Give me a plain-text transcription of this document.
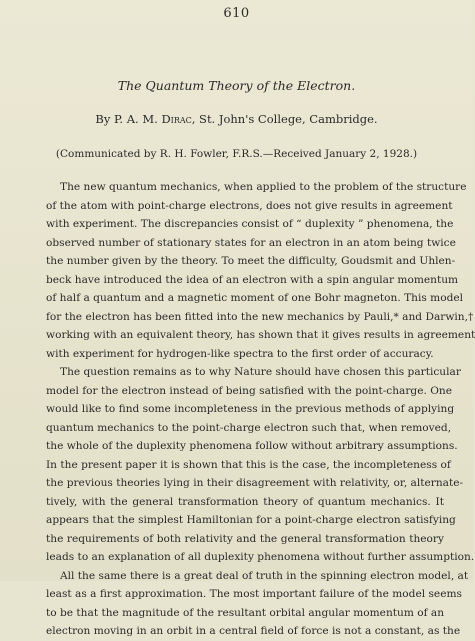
610
The Quantum Theory of the Electron.
By P. A. M. Dirac, St. John's College, Cambridge.
(Communicated by R. H. Fowler, F.R.S.—Received January 2, 1928.)
The new quantum mechanics, when applied to the problem of the structure
of the atom with point-charge electrons, does not give results in agreement
with experiment. The discrepancies consist of “ duplexity ” phenomena, the
observed number of stationary states for an electron in an atom being twice
the number given by the theory. To meet the difficulty, Goudsmit and Uhlen-
beck have introduced the idea of an electron with a spin angular momentum
of half a quantum and a magnetic moment of one Bohr magneton. This model
for the electron has been fitted into the new mechanics by Pauli,* and Darwin,†
working with an equivalent theory, has shown that it gives results in agreement
with experiment for hydrogen-like spectra to the first order of accuracy.
The question remains as to why Nature should have chosen this particular
model for the electron instead of being satisfied with the point-charge. One
would like to find some incompleteness in the previous methods of applying
quantum mechanics to the point-charge electron such that, when removed,
the whole of the duplexity phenomena follow without arbitrary assumptions.
In the present paper it is shown that this is the case, the incompleteness of
the previous theories lying in their disagreement with relativity, or, alternate-
tively, with the general transformation theory of quantum mechanics. It
appears that the simplest Hamiltonian for a point-charge electron satisfying
the requirements of both relativity and the general transformation theory
leads to an explanation of all duplexity phenomena without further assumption.
All the same there is a great deal of truth in the spinning electron model, at
least as a first approximation. The most important failure of the model seems
to be that the magnitude of the resultant orbital angular momentum of an
electron moving in an orbit in a central field of force is not a constant, as the
